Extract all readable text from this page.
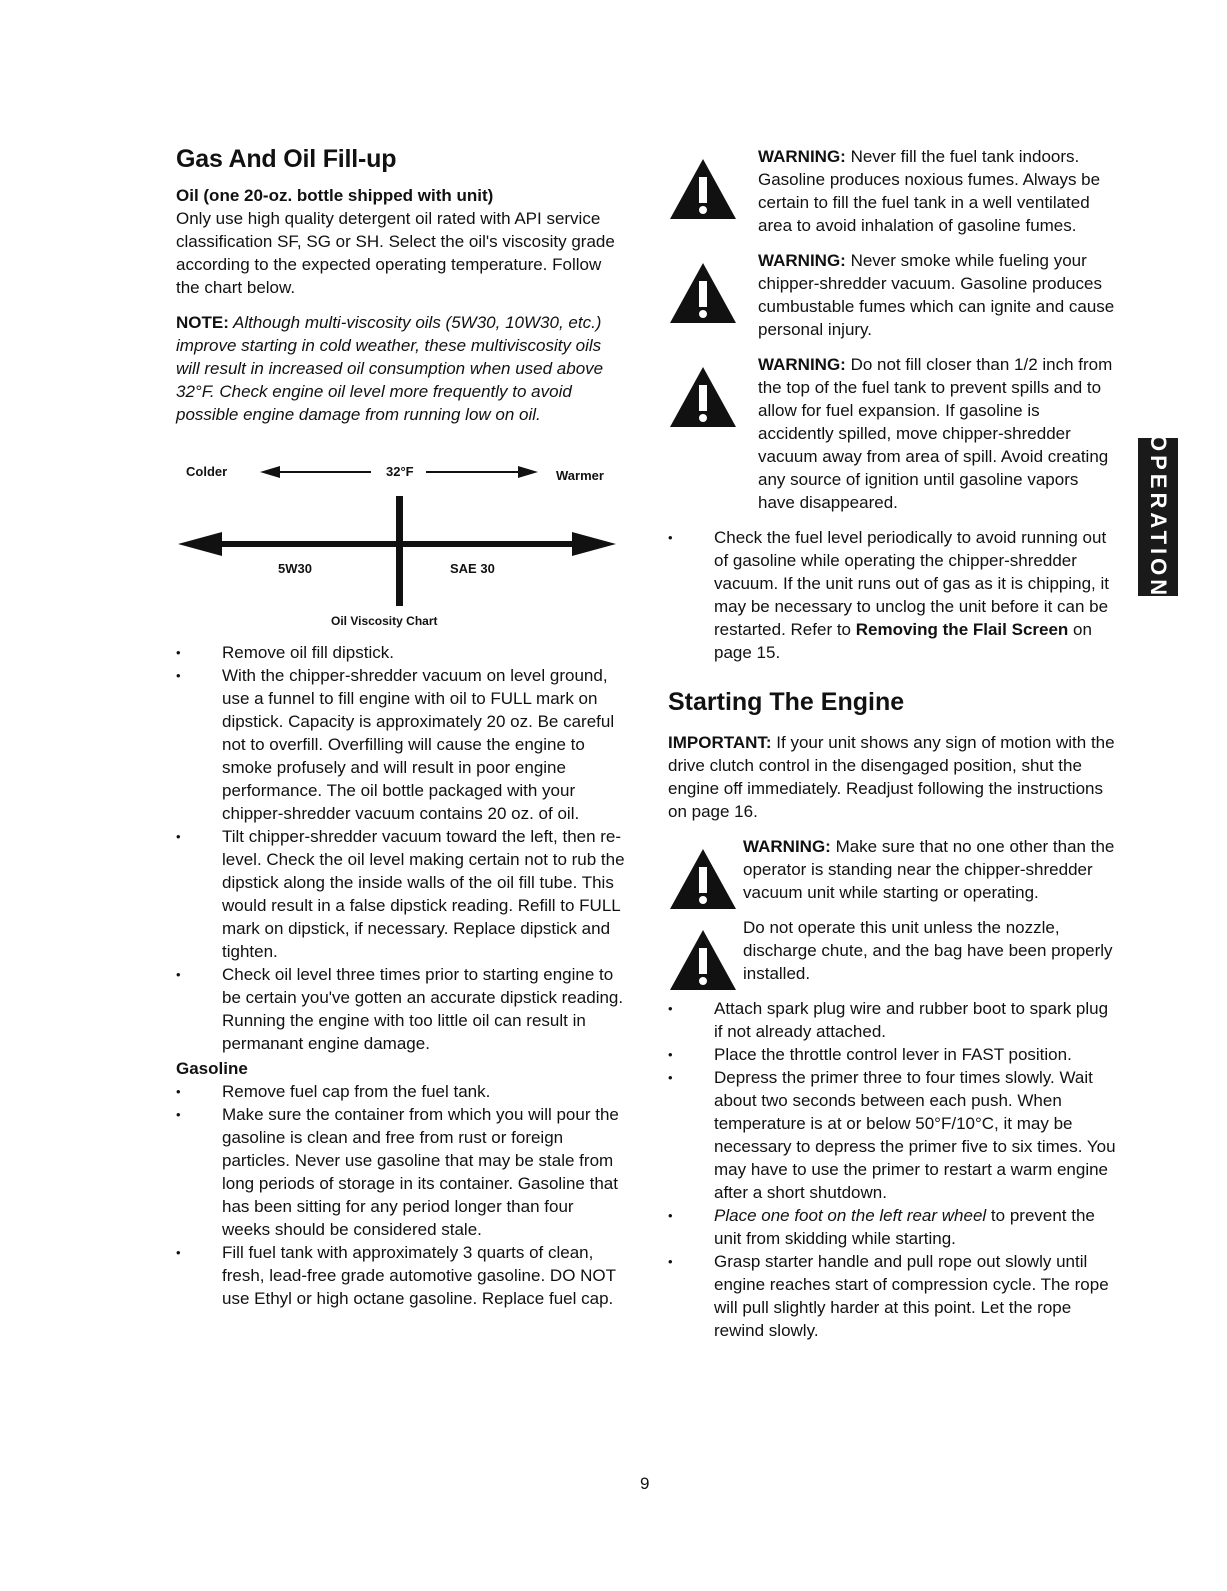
Gas And Oil Fill-up

Oil (one 20-oz. bottle shipped with unit)

Only use high quality detergent oil rated with API service classification SF, SG or SH. Select the oil's viscosity grade according to the expected operating temperature. Follow the chart below.

NOTE: Although multi-viscosity oils (5W30, 10W30, etc.) improve starting in cold weather, these multiviscosity oils will result in increased oil consumption when used above 32°F. Check engine oil level more frequently to avoid possible engine damage from running low on oil.

Colder	32°F	Warmer
5W30	SAE 30
Oil Viscosity Chart
• Remove oil fill dipstick.
• With the chipper-shredder vacuum on level ground, use a funnel to fill engine with oil to FULL mark on dipstick. Capacity is approximately 20 oz. Be careful not to overfill. Overfilling will cause the engine to smoke profusely and will result in poor engine performance. The oil bottle packaged with your chipper-shredder vacuum contains 20 oz. of oil.
• Tilt chipper-shredder vacuum toward the left, then re-level. Check the oil level making certain not to rub the dipstick along the inside walls of the oil fill tube. This would result in a false dipstick reading. Refill to FULL mark on dipstick, if necessary. Replace dipstick and tighten.
• Check oil level three times prior to starting engine to be certain you've gotten an accurate dipstick reading. Running the engine with too little oil can result in permanant engine damage.

Gasoline

• Remove fuel cap from the fuel tank.
• Make sure the container from which you will pour the gasoline is clean and free from rust or foreign particles. Never use gasoline that may be stale from long periods of storage in its container. Gasoline that has been sitting for any period longer than four weeks should be considered stale.
• Fill fuel tank with approximately 3 quarts of clean, fresh, lead-free grade automotive gasoline. DO NOT use Ethyl or high octane gasoline. Replace fuel cap.

WARNING: Never fill the fuel tank indoors. Gasoline produces noxious fumes. Always be certain to fill the fuel tank in a well ventilated area to avoid inhalation of gasoline fumes.

WARNING: Never smoke while fueling your chipper-shredder vacuum. Gasoline produces cumbustable fumes which can ignite and cause personal injury.

WARNING: Do not fill closer than 1/2 inch from the top of the fuel tank to prevent spills and to allow for fuel expansion. If gasoline is accidently spilled, move chipper-shredder vacuum away from area of spill. Avoid creating any source of ignition until gasoline vapors have disappeared.

• Check the fuel level periodically to avoid running out of gasoline while operating the chipper-shredder vacuum. If the unit runs out of gas as it is chipping, it may be necessary to unclog the unit before it can be restarted. Refer to Removing the Flail Screen on page 15.
Starting The Engine

IMPORTANT: If your unit shows any sign of motion with the drive clutch control in the disengaged position, shut the engine off immediately. Readjust following the instructions on page 16.

WARNING: Make sure that no one other than the operator is standing near the chipper-shredder vacuum unit while starting or operating.

Do not operate this unit unless the nozzle, discharge chute, and the bag have been properly installed.

• Attach spark plug wire and rubber boot to spark plug if not already attached.
• Place the throttle control lever in FAST position.
• Depress the primer three to four times slowly. Wait about two seconds between each push. When temperature is at or below 50°F/10°C, it may be necessary to depress the primer five to six times. You may have to use the primer to restart a warm engine after a short shutdown.
• Place one foot on the left rear wheel to prevent the unit from skidding while starting.
• Grasp starter handle and pull rope out slowly until engine reaches start of compression cycle. The rope will pull slightly harder at this point. Let the rope rewind slowly.
OPERATION
9
